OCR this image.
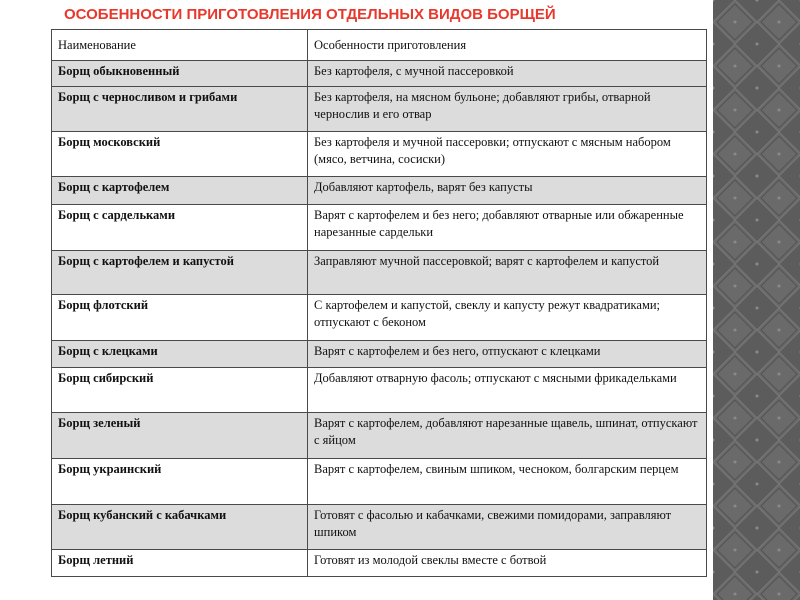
ОСОБЕННОСТИ ПРИГОТОВЛЕНИЯ ОТДЕЛЬНЫХ ВИДОВ БОРЩЕЙ
Наименование	Особенности приготовления
Борщ обыкновенный	Без картофеля, с мучной пассеровкой
Борщ с черносливом и грибами	Без картофеля, на мясном бульоне; добавляют грибы, отварной чернослив и его отвар
Борщ московский	Без картофеля и мучной пассеровки; отпускают с мясным набором (мясо, ветчина, сосиски)
Борщ с картофелем	Добавляют картофель, варят без капусты
Борщ с сардельками	Варят с картофелем и без него; добавляют отварные или обжаренные нарезанные сардельки
Борщ с картофелем и капустой	Заправляют мучной пассеровкой; варят с картофелем и капустой
Борщ флотский	С картофелем и капустой, свеклу и капусту режут квадратиками; отпускают с беконом
Борщ с клецками	Варят с картофелем и без него, отпускают с клецками
Борщ сибирский	Добавляют отварную фасоль; отпускают с мясными фрикадельками
Борщ зеленый	Варят с картофелем, добавляют нарезанные щавель, шпинат, отпускают с яйцом
Борщ украинский	Варят с картофелем, свиным шпиком, чесноком, болгарским перцем
Борщ кубанский с кабачками	Готовят с фасолью и кабачками, свежими помидорами, заправляют шпиком
Борщ летний	Готовят из молодой свеклы вместе с ботвой
